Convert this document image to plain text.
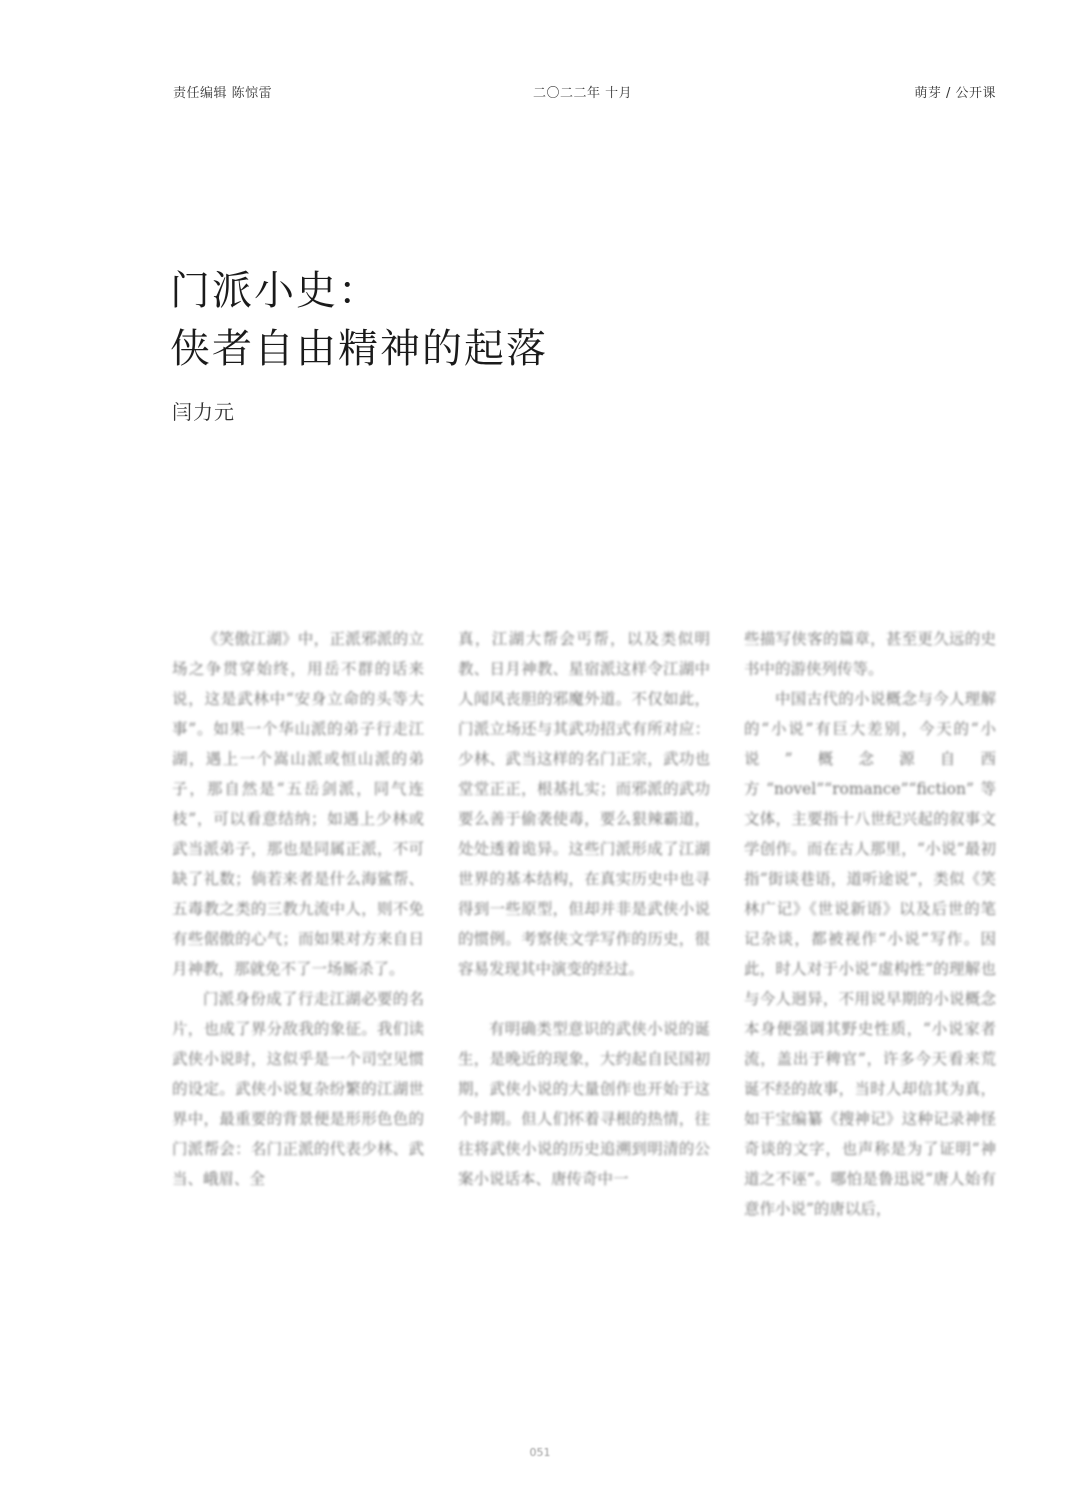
责任编辑 陈惊雷	二〇二二年 十月	萌芽 / 公开课
门派小史：
侠者自由精神的起落
闫力元

《笑傲江湖》中，正派邪派的立场之争贯穿始终，用岳不群的话来说，这是武林中“安身立命的头等大事”。如果一个华山派的弟子行走江湖，遇上一个嵩山派或恒山派的弟子，那自然是“五岳剑派，同气连枝”，可以看意结纳；如遇上少林或武当派弟子，那也是同属正派，不可缺了礼数；倘若来者是什么海鲨帮、五毒教之类的三教九流中人，则不免有些倨傲的心气；而如果对方来自日月神教，那就免不了一场厮杀了。

门派身份成了行走江湖必要的名片，也成了界分敌我的象征。我们读武侠小说时，这似乎是一个司空见惯的设定。武侠小说复杂纷繁的江湖世界中，最重要的背景便是形形色色的门派帮会：名门正派的代表少林、武当、峨眉、全

真，江湖大帮会丐帮，以及类似明教、日月神教、星宿派这样令江湖中人闻风丧胆的邪魔外道。不仅如此，门派立场还与其武功招式有所对应：少林、武当这样的名门正宗，武功也堂堂正正，根基扎实；而邪派的武功要么善于偷袭使毒，要么狠辣霸道，处处透着诡异。这些门派形成了江湖世界的基本结构，在真实历史中也寻得到一些原型，但却并非是武侠小说的惯例。考察侠文学写作的历史，很容易发现其中演变的经过。

有明确类型意识的武侠小说的诞生，是晚近的现象，大约起自民国初期，武侠小说的大量创作也开始于这个时期。但人们怀着寻根的热情，往往将武侠小说的历史追溯到明清的公案小说话本、唐传奇中一

些描写侠客的篇章，甚至更久远的史书中的游侠列传等。

中国古代的小说概念与今人理解的“小说”有巨大差别，今天的“小说”概念源自西方“novel”“romance”“fiction”等文体，主要指十八世纪兴起的叙事文学创作。而在古人那里，“小说”最初指“街谈巷语，道听途说”，类似《笑林广记》《世说新语》以及后世的笔记杂谈，都被视作“小说”写作。因此，时人对于小说“虚构性”的理解也与今人迥异，不用说早期的小说概念本身便强调其野史性质，“小说家者流，盖出于稗官”，许多今天看来荒诞不经的故事，当时人却信其为真，如干宝编纂《搜神记》这种记录神怪奇谈的文字，也声称是为了证明“神道之不诬”。哪怕是鲁迅说“唐人始有意作小说”的唐以后，

051
